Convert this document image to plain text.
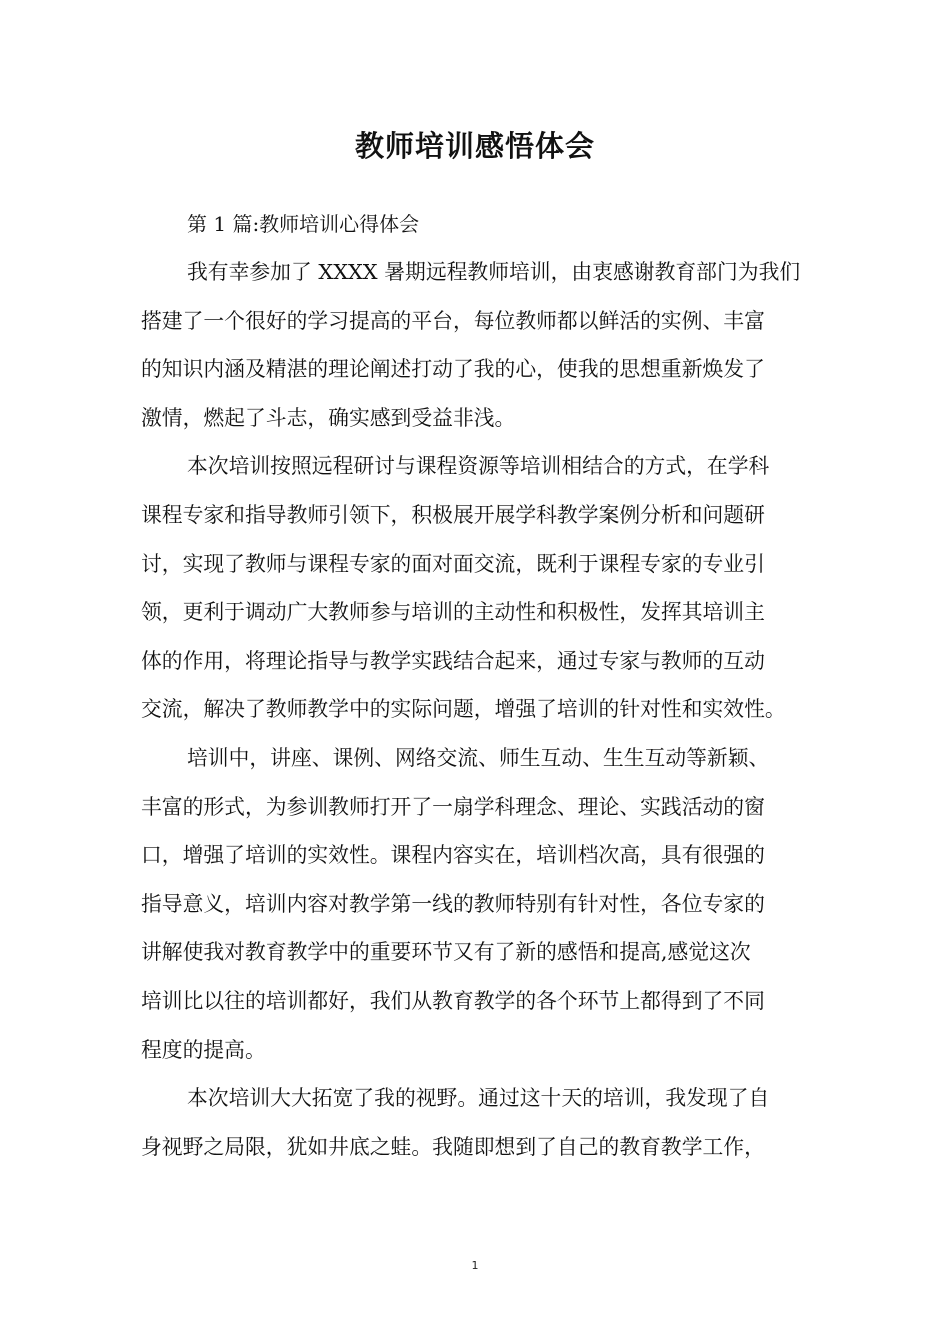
教师培训感悟体会
第 1 篇:教师培训心得体会
我有幸参加了 XXXX 暑期远程教师培训，由衷感谢教育部门为我们
搭建了一个很好的学习提高的平台，每位教师都以鲜活的实例、丰富
的知识内涵及精湛的理论阐述打动了我的心，使我的思想重新焕发了
激情，燃起了斗志，确实感到受益非浅。
本次培训按照远程研讨与课程资源等培训相结合的方式，在学科
课程专家和指导教师引领下，积极展开展学科教学案例分析和问题研
讨，实现了教师与课程专家的面对面交流，既利于课程专家的专业引
领，更利于调动广大教师参与培训的主动性和积极性，发挥其培训主
体的作用，将理论指导与教学实践结合起来，通过专家与教师的互动
交流，解决了教师教学中的实际问题，增强了培训的针对性和实效性。
培训中，讲座、课例、网络交流、师生互动、生生互动等新颖、
丰富的形式，为参训教师打开了一扇学科理念、理论、实践活动的窗
口，增强了培训的实效性。课程内容实在，培训档次高，具有很强的
指导意义，培训内容对教学第一线的教师特别有针对性，各位专家的
讲解使我对教育教学中的重要环节又有了新的感悟和提高,感觉这次
培训比以往的培训都好，我们从教育教学的各个环节上都得到了不同
程度的提高。
本次培训大大拓宽了我的视野。通过这十天的培训，我发现了自
身视野之局限，犹如井底之蛙。我随即想到了自己的教育教学工作，
1
